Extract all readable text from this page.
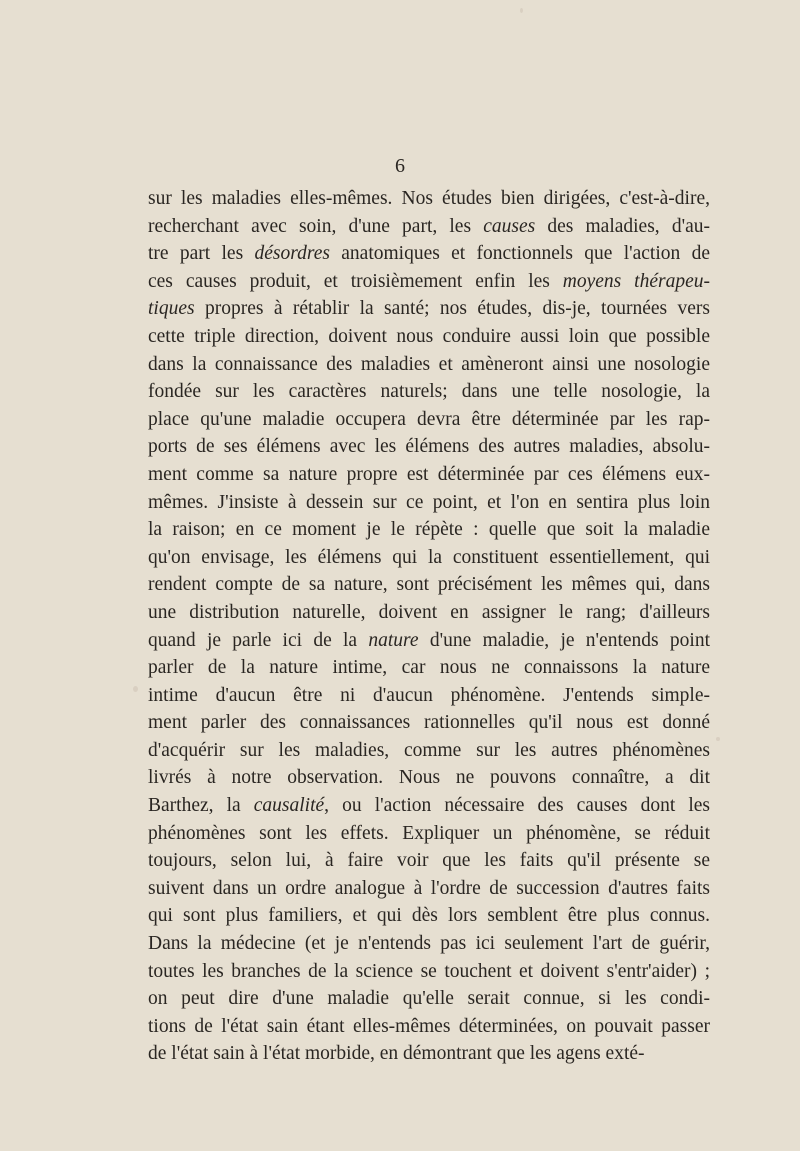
6
sur les maladies elles-mêmes. Nos études bien dirigées, c'est-à-dire,
recherchant avec soin, d'une part, les causes des maladies, d'au-
tre part les désordres anatomiques et fonctionnels que l'action de
ces causes produit, et troisièmement enfin les moyens thérapeu-
tiques propres à rétablir la santé; nos études, dis-je, tournées vers
cette triple direction, doivent nous conduire aussi loin que possible
dans la connaissance des maladies et amèneront ainsi une nosologie
fondée sur les caractères naturels; dans une telle nosologie, la
place qu'une maladie occupera devra être déterminée par les rap-
ports de ses élémens avec les élémens des autres maladies, absolu-
ment comme sa nature propre est déterminée par ces élémens eux-
mêmes. J'insiste à dessein sur ce point, et l'on en sentira plus loin
la raison; en ce moment je le répète : quelle que soit la maladie
qu'on envisage, les élémens qui la constituent essentiellement, qui
rendent compte de sa nature, sont précisément les mêmes qui, dans
une distribution naturelle, doivent en assigner le rang; d'ailleurs
quand je parle ici de la nature d'une maladie, je n'entends point
parler de la nature intime, car nous ne connaissons la nature
intime d'aucun être ni d'aucun phénomène. J'entends simple-
ment parler des connaissances rationnelles qu'il nous est donné
d'acquérir sur les maladies, comme sur les autres phénomènes
livrés à notre observation. Nous ne pouvons connaître, a dit
Barthez, la causalité, ou l'action nécessaire des causes dont les
phénomènes sont les effets. Expliquer un phénomène, se réduit
toujours, selon lui, à faire voir que les faits qu'il présente se
suivent dans un ordre analogue à l'ordre de succession d'autres faits
qui sont plus familiers, et qui dès lors semblent être plus connus.
Dans la médecine (et je n'entends pas ici seulement l'art de guérir,
toutes les branches de la science se touchent et doivent s'entr'aider) ;
on peut dire d'une maladie qu'elle serait connue, si les condi-
tions de l'état sain étant elles-mêmes déterminées, on pouvait passer
de l'état sain à l'état morbide, en démontrant que les agens exté-
